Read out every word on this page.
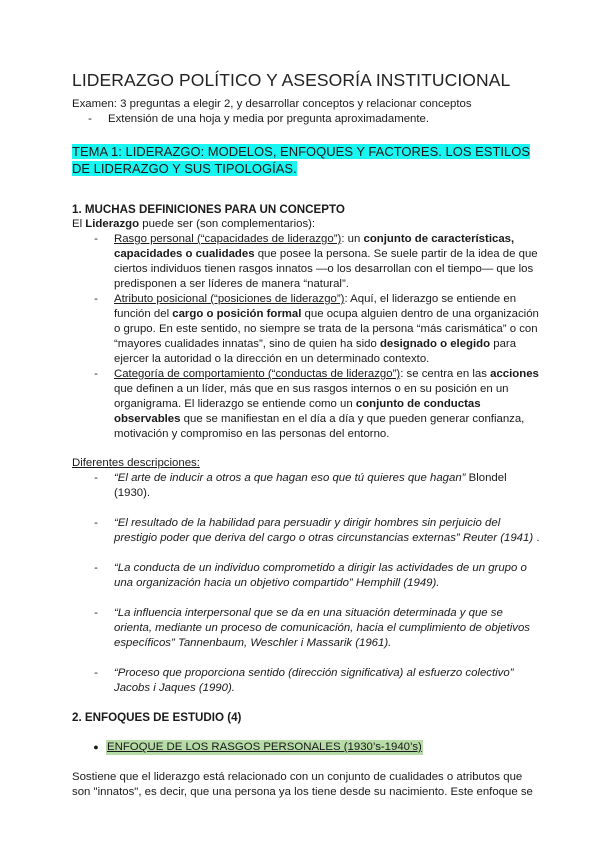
LIDERAZGO POLÍTICO Y ASESORÍA INSTITUCIONAL

Examen: 3 preguntas a elegir 2, y desarrollar conceptos y relacionar conceptos

-	Extensión de una hoja y media por pregunta aproximadamente.
TEMA 1: LIDERAZGO: MODELOS, ENFOQUES Y FACTORES. LOS ESTILOS DE LIDERAZGO Y SUS TIPOLOGÍAS.
1. MUCHAS DEFINICIONES PARA UN CONCEPTO

El Liderazgo puede ser (son complementarios):

-	Rasgo personal (“capacidades de liderazgo”): un conjunto de características, capacidades o cualidades que posee la persona. Se suele partir de la idea de que ciertos individuos tienen rasgos innatos —o los desarrollan con el tiempo— que los predisponen a ser líderes de manera “natural”.
-	Atributo posicional (“posiciones de liderazgo”): Aquí, el liderazgo se entiende en función del cargo o posición formal que ocupa alguien dentro de una organización o grupo. En este sentido, no siempre se trata de la persona “más carismática” o con “mayores cualidades innatas”, sino de quien ha sido designado o elegido para ejercer la autoridad o la dirección en un determinado contexto.
-	Categoría de comportamiento (“conductas de liderazgo”): se centra en las acciones que definen a un líder, más que en sus rasgos internos o en su posición en un organigrama. El liderazgo se entiende como un conjunto de conductas observables que se manifiestan en el día a día y que pueden generar confianza, motivación y compromiso en las personas del entorno.
Diferentes descripciones:
-	“El arte de inducir a otros a que hagan eso que tú quieres que hagan” Blondel (1930).
-	“El resultado de la habilidad para persuadir y dirigir hombres sin perjuicio del prestigio poder que deriva del cargo o otras circunstancias externas” Reuter (1941) .
-	“La conducta de un individuo comprometido a dirigir las actividades de un grupo o una organización hacia un objetivo compartido” Hemphill (1949).
-	“La influencia interpersonal que se da en una situación determinada y que se orienta, mediante un proceso de comunicación, hacia el cumplimiento de objetivos específicos” Tannenbaum, Weschler i Massarik (1961).
-	“Proceso que proporciona sentido (dirección significativa) al esfuerzo colectivo” Jacobs i Jaques (1990).
2. ENFOQUES DE ESTUDIO (4)
● ENFOQUE DE LOS RASGOS PERSONALES (1930’s-1940’s)

Sostiene que el liderazgo está relacionado con un conjunto de cualidades o atributos que son "innatos", es decir, que una persona ya los tiene desde su nacimiento. Este enfoque se
